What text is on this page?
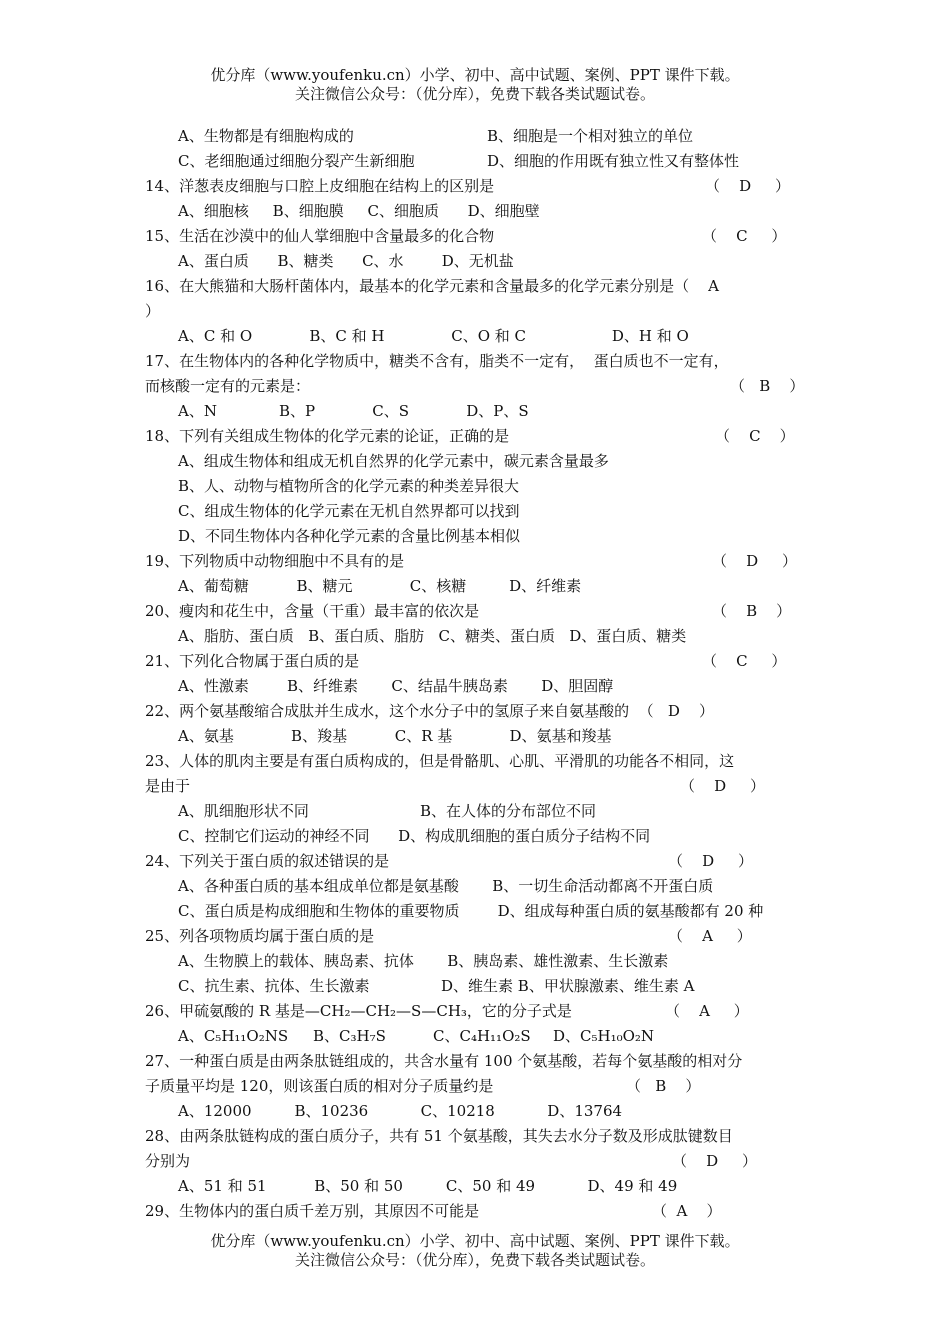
优分库（www.youfenku.cn）小学、初中、高中试题、案例、PPT 课件下载。
关注微信公众号：（优分库），免费下载各类试题试卷。
A、生物都是有细胞构成的	B、细胞是一个相对独立的单位
C、老细胞通过细胞分裂产生新细胞	D、细胞的作用既有独立性又有整体性
14、洋葱表皮细胞与口腔上皮细胞在结构上的区别是	（    D     ）
A、细胞核     B、细胞膜     C、细胞质      D、细胞壁
15、生活在沙漠中的仙人掌细胞中含量最多的化合物	（    C     ）
A、蛋白质      B、糖类      C、水        D、无机盐
16、在大熊猫和大肠杆菌体内，最基本的化学元素和含量最多的化学元素分别是（    A
）
A、C 和 O            B、C 和 H              C、O 和 C                  D、H 和 O
17、在生物体内的各种化学物质中，糖类不含有，脂类不一定有，  蛋白质也不一定有，
而核酸一定有的元素是：	（   B    ）
A、N             B、P            C、S            D、P、S
18、下列有关组成生物体的化学元素的论证，正确的是	（    C    ）
A、组成生物体和组成无机自然界的化学元素中，碳元素含量最多
B、人、动物与植物所含的化学元素的种类差异很大
C、组成生物体的化学元素在无机自然界都可以找到
D、不同生物体内各种化学元素的含量比例基本相似
19、下列物质中动物细胞中不具有的是	（    D     ）
A、葡萄糖          B、糖元            C、核糖         D、纤维素
20、瘦肉和花生中，含量（干重）最丰富的依次是	（    B    ）
A、脂肪、蛋白质   B、蛋白质、脂肪   C、糖类、蛋白质   D、蛋白质、糖类
21、下列化合物属于蛋白质的是	（    C     ）
A、性激素        B、纤维素       C、结晶牛胰岛素       D、胆固醇
22、两个氨基酸缩合成肽并生成水，这个水分子中的氢原子来自氨基酸的  （   D    ）
A、氨基            B、羧基          C、R 基            D、氨基和羧基
23、人体的肌肉主要是有蛋白质构成的，但是骨骼肌、心肌、平滑肌的功能各不相同，这
是由于	（    D     ）
A、肌细胞形状不同	B、在人体的分布部位不同
C、控制它们运动的神经不同      D、构成肌细胞的蛋白质分子结构不同
24、下列关于蛋白质的叙述错误的是	（    D     ）
A、各种蛋白质的基本组成单位都是氨基酸       B、一切生命活动都离不开蛋白质
C、蛋白质是构成细胞和生物体的重要物质        D、组成每种蛋白质的氨基酸都有 20 种
25、列各项物质均属于蛋白质的是	（    A     ）
A、生物膜上的载体、胰岛素、抗体       B、胰岛素、雄性激素、生长激素
C、抗生素、抗体、生长激素               D、维生素 B、甲状腺激素、维生素 A
26、甲硫氨酸的 R 基是—CH₂—CH₂—S—CH₃，它的分子式是	（    A     ）
A、C₅H₁₁O₂NS B、C₃H₇S	C、C₄H₁₁O₂S D、C₅H₁₀O₂N
27、一种蛋白质是由两条肽链组成的，共含水量有 100 个氨基酸，若每个氨基酸的相对分
子质量平均是 120，则该蛋白质的相对分子质量约是	（   B    ）
A、12000         B、10236           C、10218           D、13764
28、由两条肽链构成的蛋白质分子，共有 51 个氨基酸，其失去水分子数及形成肽键数目
分别为	（    D     ）
A、51 和 51          B、50 和 50         C、50 和 49           D、49 和 49
29、生物体内的蛋白质千差万别，其原因不可能是	（  A    ）
优分库（www.youfenku.cn）小学、初中、高中试题、案例、PPT 课件下载。
关注微信公众号：（优分库），免费下载各类试题试卷。
